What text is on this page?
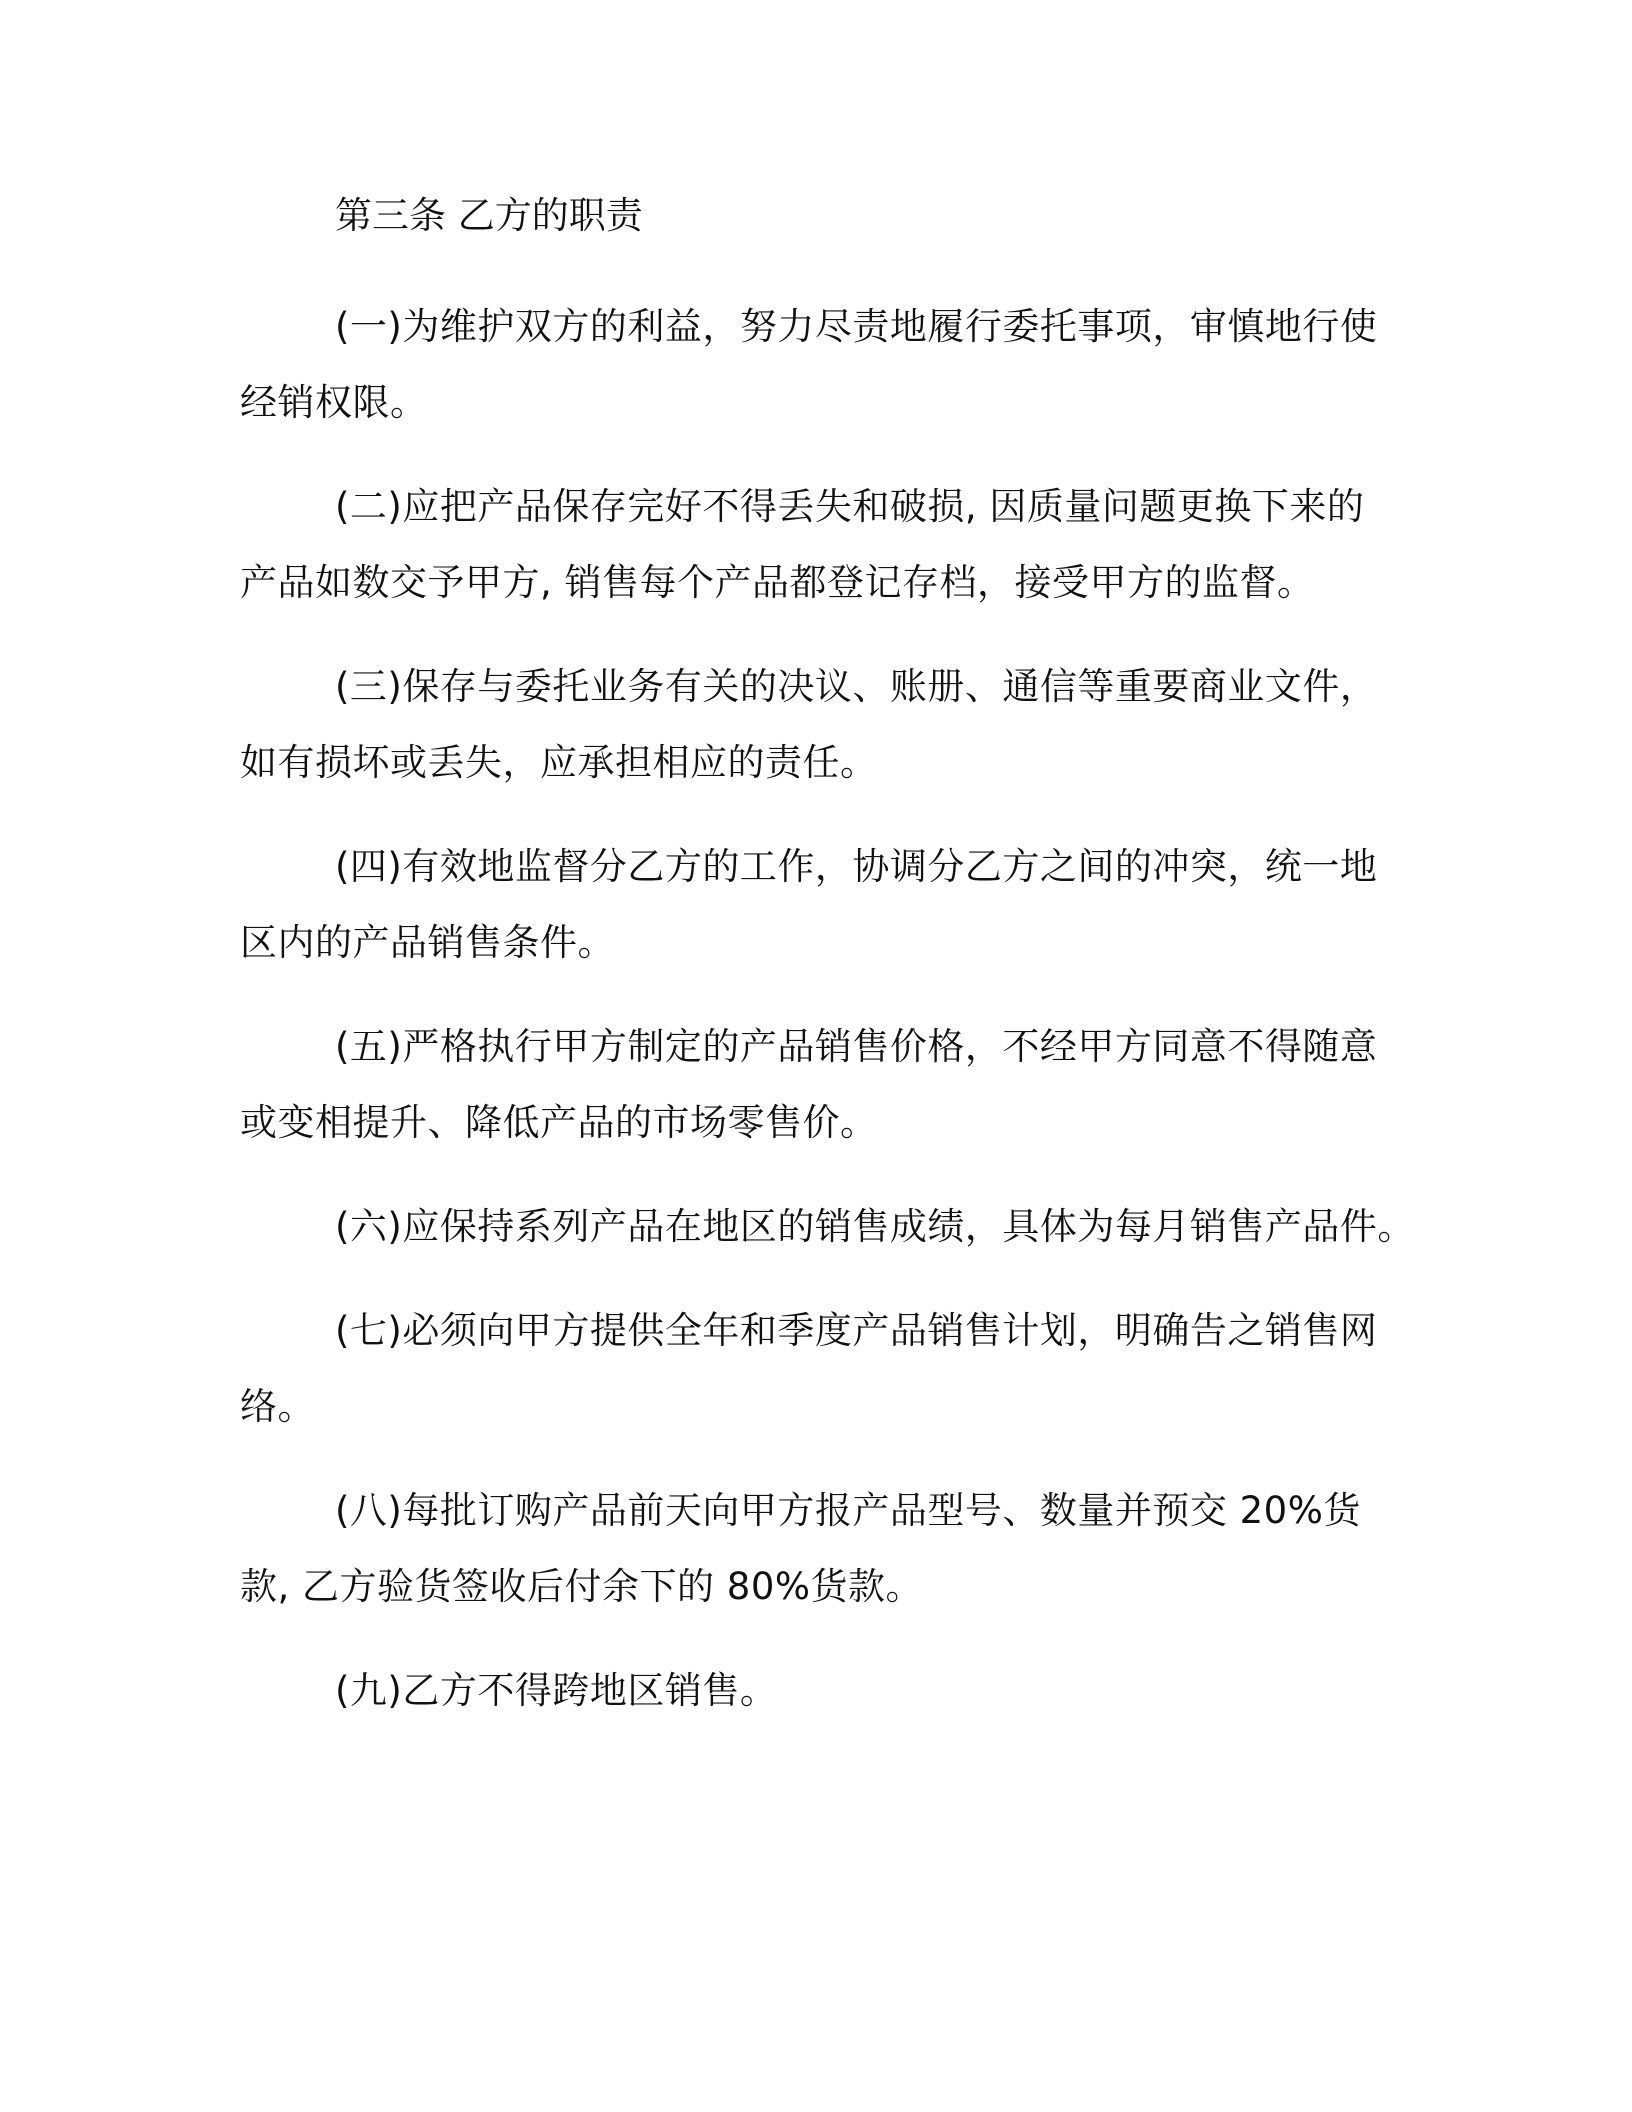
第三条 乙方的职责

(一)为维护双方的利益，努力尽责地履行委托事项，审慎地行使经销权限。

(二)应把产品保存完好不得丢失和破损, 因质量问题更换下来的产品如数交予甲方, 销售每个产品都登记存档，接受甲方的监督。

(三)保存与委托业务有关的决议、账册、通信等重要商业文件，如有损坏或丢失，应承担相应的责任。

(四)有效地监督分乙方的工作，协调分乙方之间的冲突，统一地区内的产品销售条件。

(五)严格执行甲方制定的产品销售价格，不经甲方同意不得随意或变相提升、降低产品的市场零售价。

(六)应保持系列产品在地区的销售成绩，具体为每月销售产品件。

(七)必须向甲方提供全年和季度产品销售计划，明确告之销售网络。

(八)每批订购产品前天向甲方报产品型号、数量并预交 20%货款, 乙方验货签收后付余下的 80%货款。

(九)乙方不得跨地区销售。
